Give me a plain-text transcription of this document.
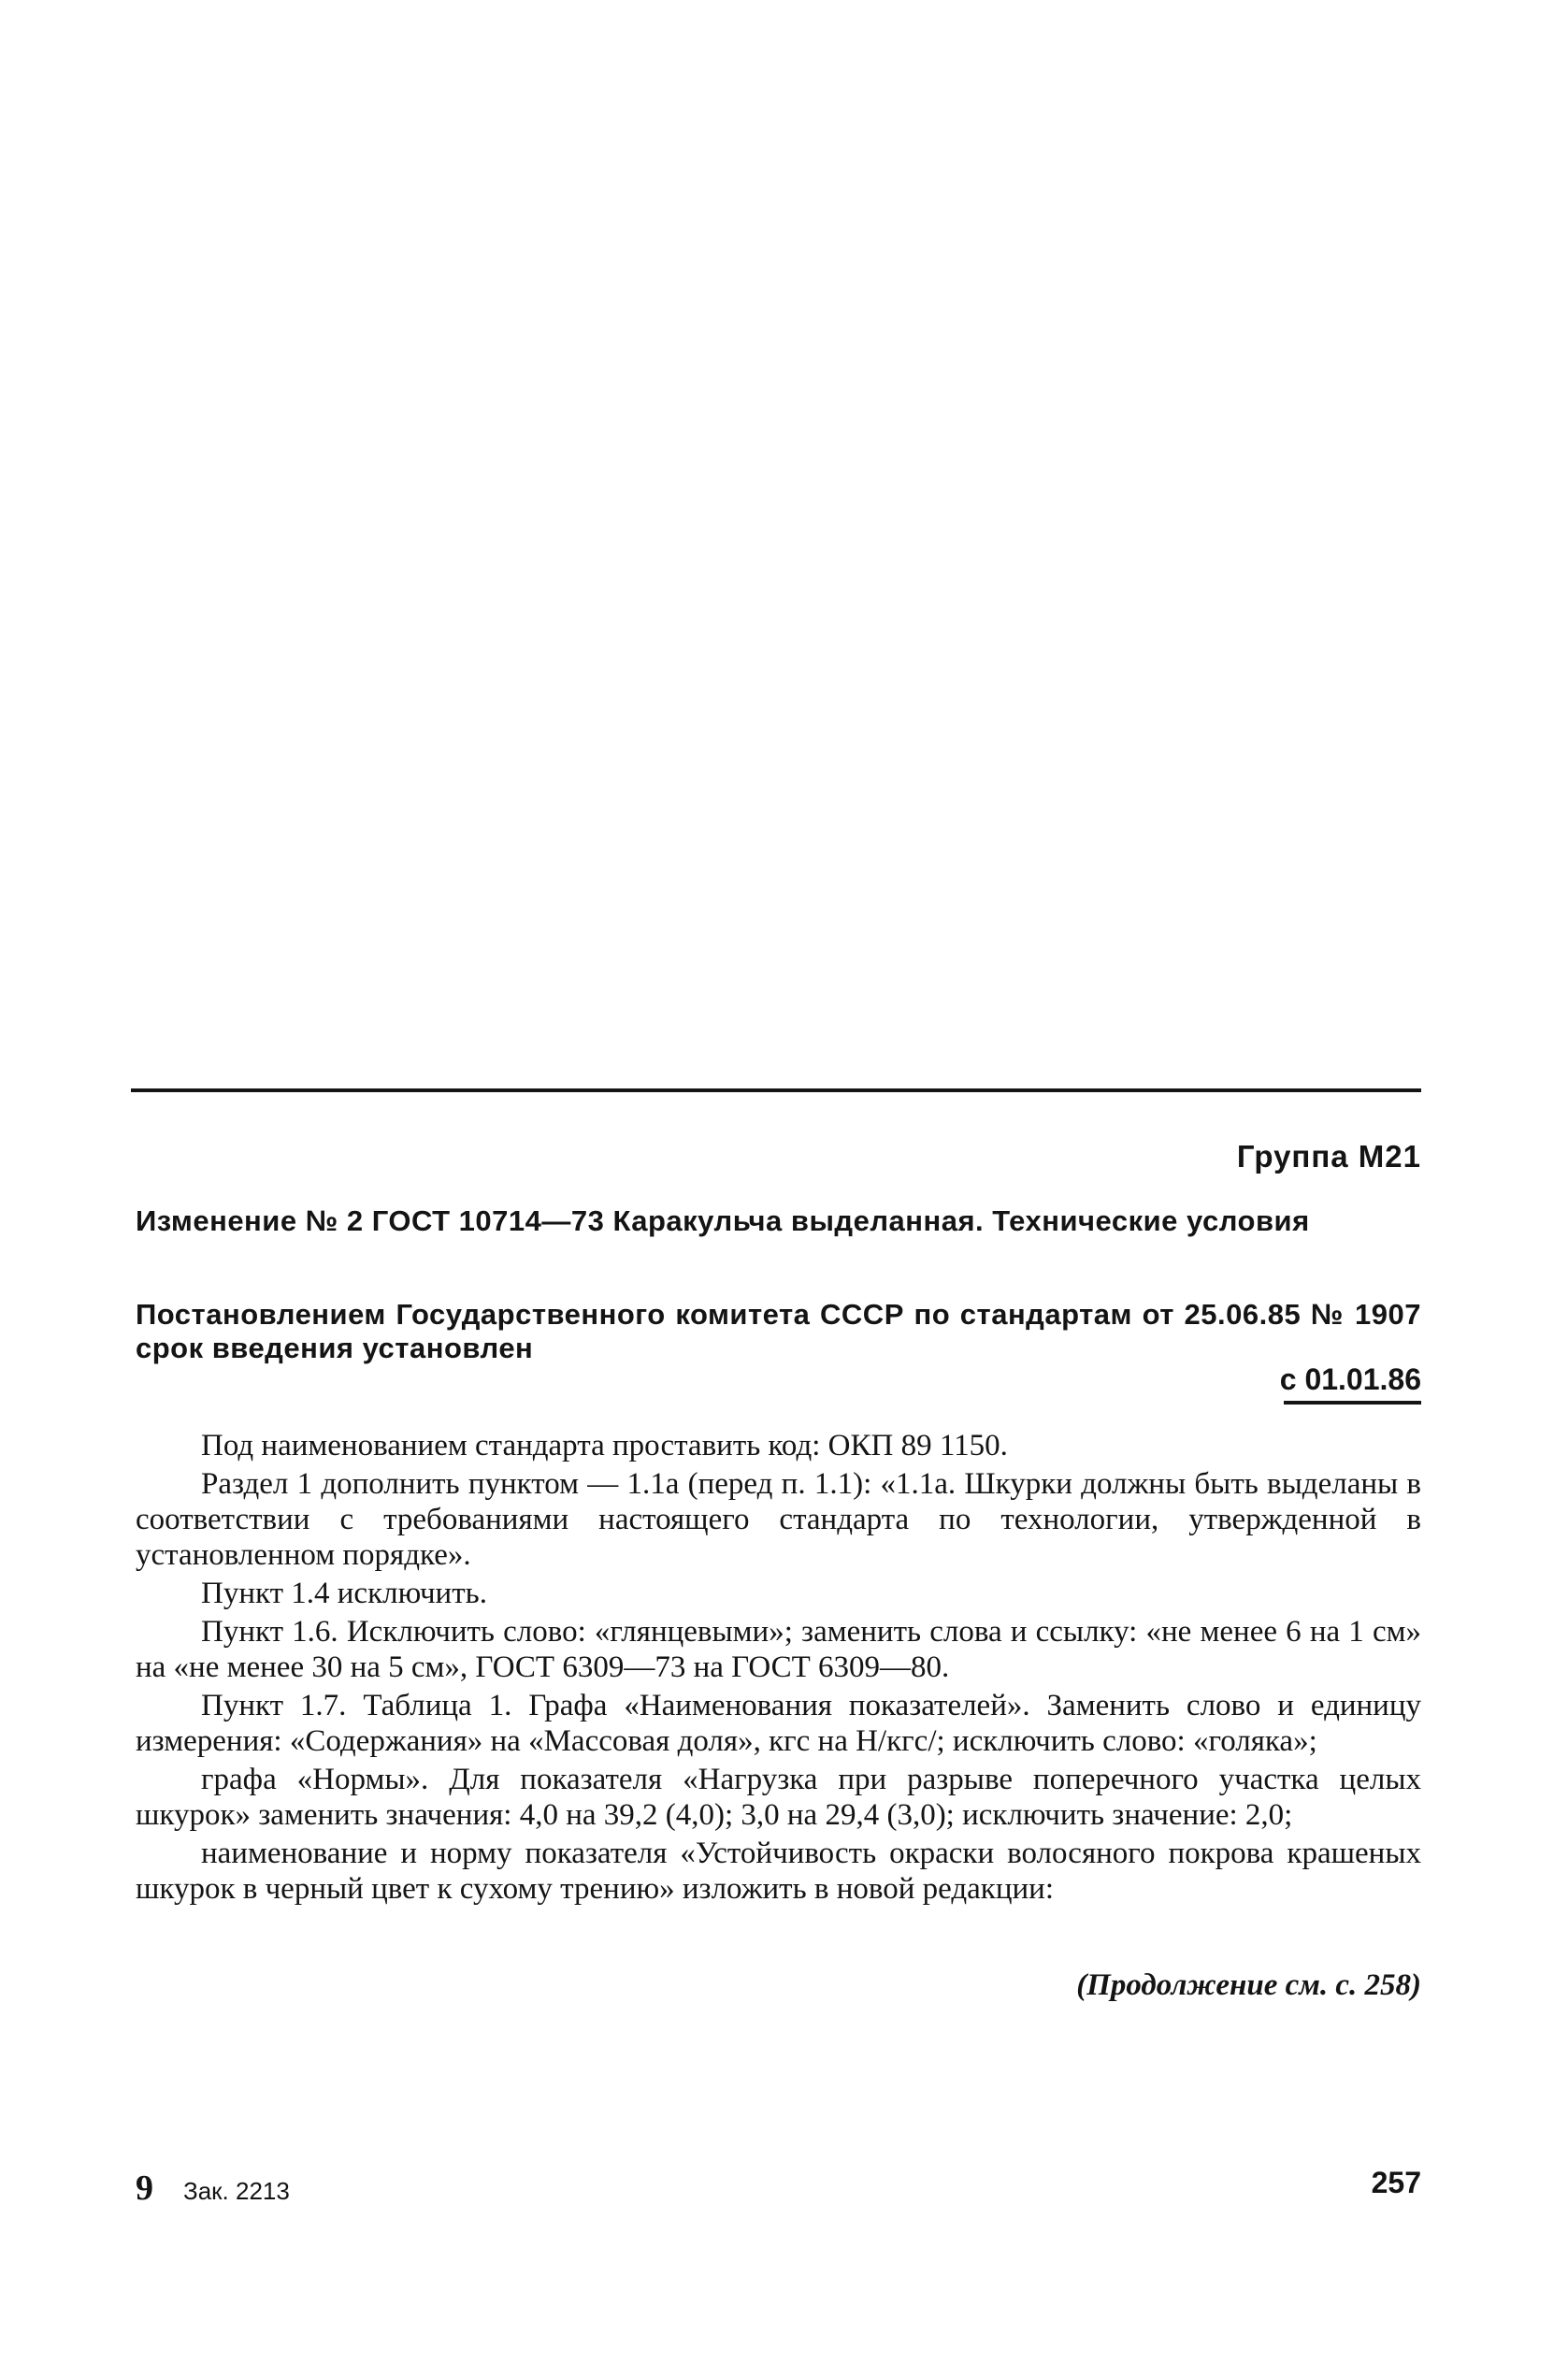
Группа М21
Изменение № 2 ГОСТ 10714—73 Каракульча выделанная. Технические условия
Постановлением Государственного комитета СССР по стандартам от 25.06.85 № 1907 срок введения установлен
с 01.01.86

Под наименованием стандарта проставить код: ОКП 89 1150.

Раздел 1 дополнить пунктом — 1.1а (перед п. 1.1): «1.1а. Шкурки должны быть выделаны в соответствии с требованиями настоящего стандарта по технологии, утвержденной в установленном порядке».

Пункт 1.4 исключить.

Пункт 1.6. Исключить слово: «глянцевыми»; заменить слова и ссылку: «не менее 6 на 1 см» на «не менее 30 на 5 см», ГОСТ 6309—73 на ГОСТ 6309—80.

Пункт 1.7. Таблица 1. Графа «Наименования показателей». Заменить слово и единицу измерения: «Содержания» на «Массовая доля», кгс на Н/кгс/; исключить слово: «голяка»;

графа «Нормы». Для показателя «Нагрузка при разрыве поперечного участка целых шкурок» заменить значения: 4,0 на 39,2 (4,0); 3,0 на 29,4 (3,0); исключить значение: 2,0;

наименование и норму показателя «Устойчивость окраски волосяного покрова крашеных шкурок в черный цвет к сухому трению» изложить в новой редакции:

(Продолжение см. с. 258)
9 Зак. 2213	257
